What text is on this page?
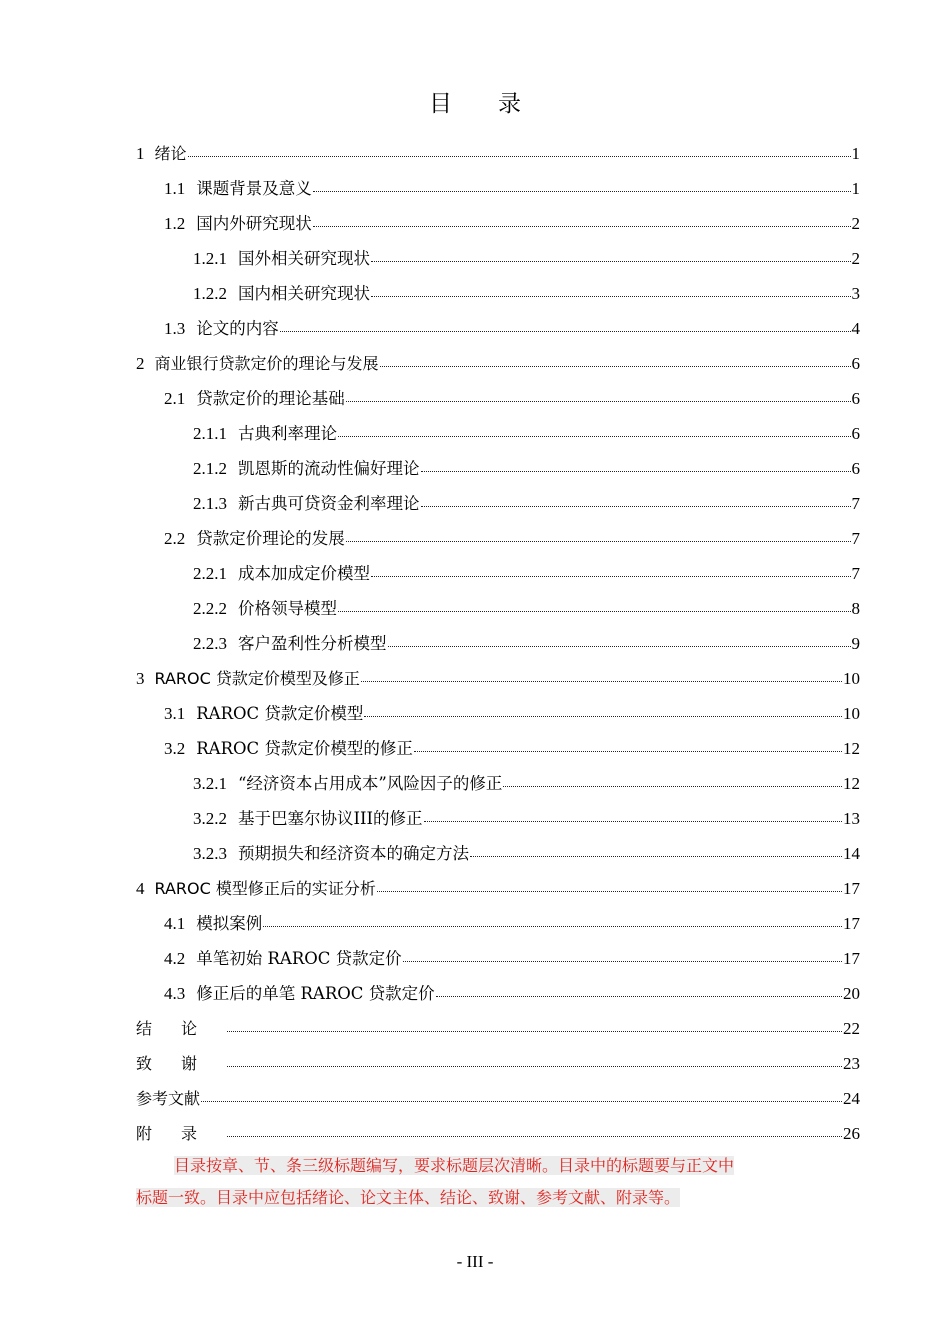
目录
1 绪论	1
1.1 课题背景及意义	1
1.2 国内外研究现状	2
1.2.1 国外相关研究现状	2
1.2.2 国内相关研究现状	3
1.3 论文的内容	4
2 商业银行贷款定价的理论与发展	6
2.1 贷款定价的理论基础	6
2.1.1 古典利率理论	6
2.1.2 凯恩斯的流动性偏好理论	6
2.1.3 新古典可贷资金利率理论	7
2.2 贷款定价理论的发展	7
2.2.1 成本加成定价模型	7
2.2.2 价格领导模型	8
2.2.3 客户盈利性分析模型	9
3 RAROC 贷款定价模型及修正	10
3.1 RAROC 贷款定价模型	10
3.2 RAROC 贷款定价模型的修正	12
3.2.1 “经济资本占用成本”风险因子的修正	12
3.2.2 基于巴塞尔协议III的修正	13
3.2.3 预期损失和经济资本的确定方法	14
4 RAROC 模型修正后的实证分析	17
4.1 模拟案例	17
4.2 单笔初始 RAROC 贷款定价	17
4.3 修正后的单笔 RAROC 贷款定价	20
结论	22
致谢	23
参考文献	24
附录	26
目录按章、节、条三级标题编写，要求标题层次清晰。目录中的标题要与正文中
标题一致。目录中应包括绪论、论文主体、结论、致谢、参考文献、附录等。
- III -
